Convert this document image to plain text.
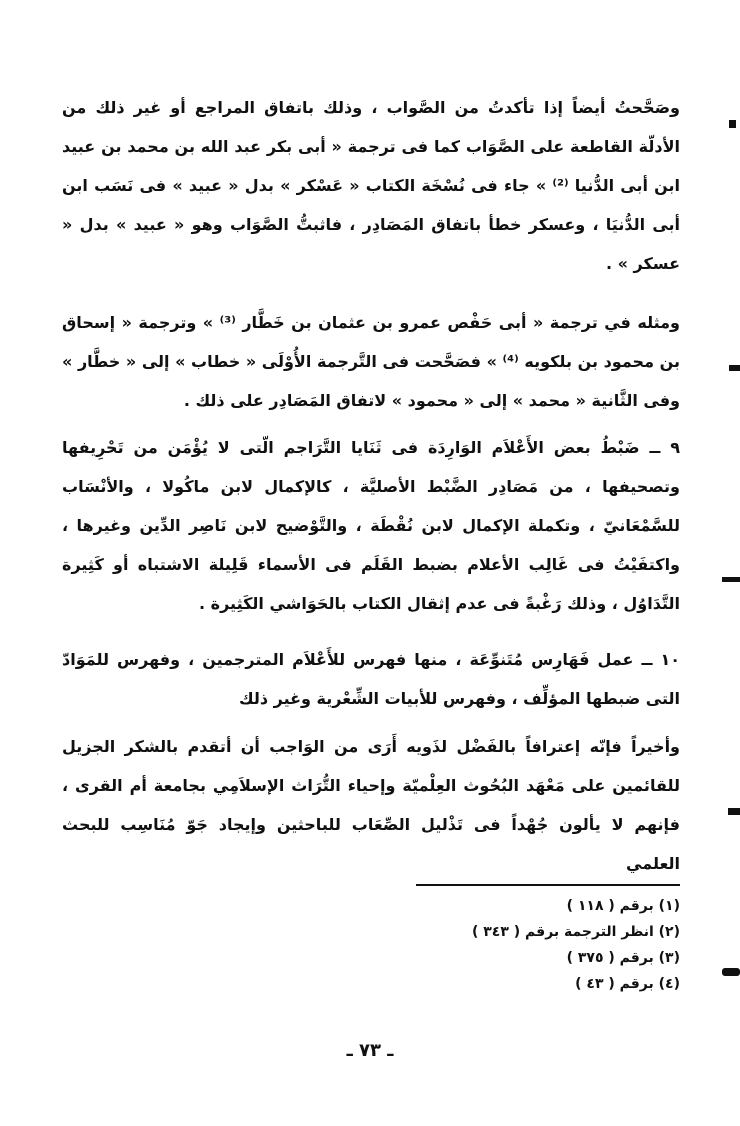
وصَحَّحتُ أيضاً إذا تأكدتُ من الصَّواب ، وذلك باتفاق المراجع أو غير ذلك من الأدلّة القاطعة على الصَّوَاب كما فى ترجمة « أبى بكر عبد الله بن محمد بن عبيد ابن أبى الدُّنيا ⁽²⁾ » جاء فى نُسْخَة الكتاب « عَسْكر » بدل « عبيد » فى نَسَب ابن أبى الدُّنيَا ، وعسكر خطأ باتفاق المَصَادِر ، فاثبتُّ الصَّوَاب وهو « عبيد » بدل « عسكر » .

ومثله في ترجمة « أبى حَفْص عمرو بن عثمان بن خَطَّار ⁽³⁾ » وترجمة « إسحاق بن محمود بن بلكويه ⁽⁴⁾ » فصَحَّحت فى التَّرجمة الأُوْلَى « خطاب » إلى « خطَّار » وفى الثَّانية « محمد » إلى « محمود » لاتفاق المَصَادِر على ذلك .

٩ ــ ضَبْطُ بعض الأَعْلاَم الوَارِدَة فى ثَنَايا التَّرَاجم الّتى لا يُؤْمَن من تَحْرِيفها وتصحيفها ، من مَصَادِر الضَّبْط الأصليَّة ، كالإكمال لابن ماكُولا ، والأنْسَاب للسَّمْعَانيّ ، وتكملة الإكمال لابن نُقْطَة ، والتَّوْضيح لابن نَاصِر الدِّين وغيرها ، واكتفَيْتُ فى غَالِب الأعلام بضبط القَلَم فى الأسماء قَلِيلة الاشتباه أو كَثِيرة التَّدَاوُل ، وذلك رَغْبةً فى عدم إثقال الكتاب بالحَوَاشي الكَثِيرة .

١٠ ــ عمل فَهَارِس مُتَنوِّعَة ، منها فهرس للأَعْلاَم المترجمين ، وفهرس للمَوَادّ التى ضبطها المؤلِّف ، وفهرس للأبيات الشِّعْرية وغير ذلك

وأخيراً فإنّه إعترافاً بالفَضْل لذَويه أَرَى من الوَاجب أن أتقدم بالشكر الجزيل للقائمين على مَعْهَد البُحُوث العِلْميّة وإحياء التُّرَاث الإسلاَمِي بجامعة أم القرى ، فإنهم لا يألون جُهْداً فى تَذْليل الصِّعَاب للباحثين وإيجاد جَوّ مُنَاسِب للبحث العلمي

(١) برقم ( ١١٨ )
(٢) انظر الترجمة برقم ( ٣٤٣ )
(٣) برقم ( ٣٧٥ )
(٤) برقم ( ٤٣ )
ـ ٧٣ ـ
